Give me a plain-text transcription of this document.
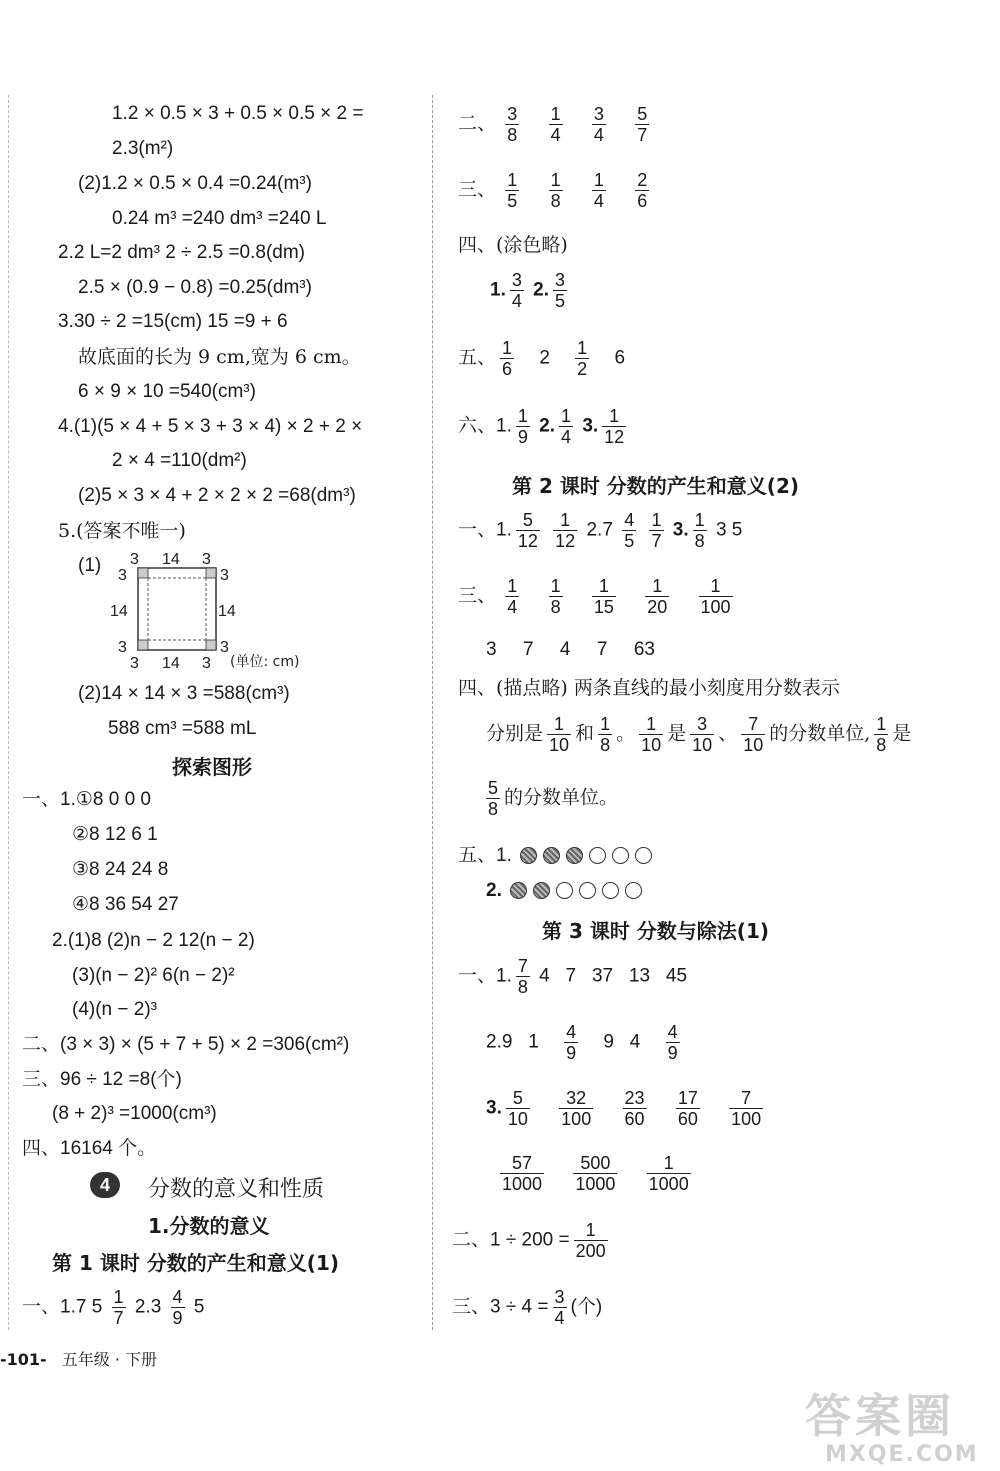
1.2 × 0.5 × 3 + 0.5 × 0.5 × 2 =
2.3(m²)
(2)1.2 × 0.5 × 0.4 =0.24(m³)
0.24 m³ =240 dm³ =240 L
2.2 L=2 dm³ 2 ÷ 2.5 =0.8(dm)
2.5 × (0.9 − 0.8) =0.25(dm³)
3.30 ÷ 2 =15(cm) 15 =9 + 6
故底面的长为 9 cm,宽为 6 cm。
6 × 9 × 10 =540(cm³)
4.(1)(5 × 4 + 5 × 3 + 3 × 4) × 2 + 2 ×
2 × 4 =110(dm²)
(2)5 × 3 × 4 + 2 × 2 × 2 =68(dm³)
5.(答案不唯一)
(1) 3 14 3
3
14
3
3
14
3
3 14 3 (单位: cm)
(2)14 × 14 × 3 =588(cm³)
588 cm³ =588 mL
探索图形
一、1.①8 0 0 0
②8 12 6 1
③8 24 24 8
④8 36 54 27
2.(1)8 (2)n − 2 12(n − 2)
(3)(n − 2)² 6(n − 2)²
(4)(n − 2)³
二、(3 × 3) × (5 + 7 + 5) × 2 =306(cm²)
三、96 ÷ 12 =8(个)
(8 + 2)³ =1000(cm³)
四、16164 个。
4	分数的意义和性质
1.分数的意义
第 1 课时 分数的产生和意义(1)
一、1.7 $5 \frac{1}{7} 2.3 \frac{4}{9} 5$
二、 $\frac{3}{8}$
$\frac{1}{4}$
$\frac{3}{4}$
$\frac{5}{7}$
三、 $\frac{1}{5}$
$\frac{1}{8}$
$\frac{1}{4}$
$\frac{2}{6}$
四、(涂色略)
1. $\frac{3}{4} 2$. $\frac{3}{5}$
五、 $\frac{1}{6} 2 \frac{1}{2} 6$
六、1. $\frac{1}{9} 2$. $\frac{1}{4} 3$. $\frac{1}{12}$
第 2 课时 分数的产生和意义(2)
一、1. $\frac{5}{12}$
$\frac{1}{12} 2.7 \frac{4}{5}$
$\frac{1}{7} 3$. $\frac{1}{8} 3$ 5
三、 $\frac{1}{4}$
$\frac{1}{8}$
$\frac{1}{15}$
$\frac{1}{20}$
$\frac{1}{100}$
3     7     4     7     63
四、(描点略) 两条直线的最小刻度用分数表示
分别是 $\frac{1}{10}$ 和 $\frac{1}{8}$ 。 $\frac{1}{10}$ 是 $\frac{3}{10}$ 、 $\frac{7}{10}$ 的分数单位, $\frac{1}{8}$ 是
$\frac{5}{8}$ 的分数单位。
五、1.
2.
第 3 课时 分数与除法(1)
一、1. $\frac{7}{8} 4$   7   37   13   45
2.9   $1 \frac{4}{9} 9$   $4 \frac{4}{9}$
3. $\frac{5}{10}$
$\frac{32}{100}$
$\frac{23}{60}$
$\frac{17}{60}$
$\frac{7}{100}$
$\frac{57}{1000}$
$\frac{500}{1000}$
$\frac{1}{1000}$
二、$1 \div 200 = \frac{1}{200}$
三、$3 \div 4 = \frac{3}{4}$ (个)
-101- 五年级 · 下册
答案圈
MXQE.COM
